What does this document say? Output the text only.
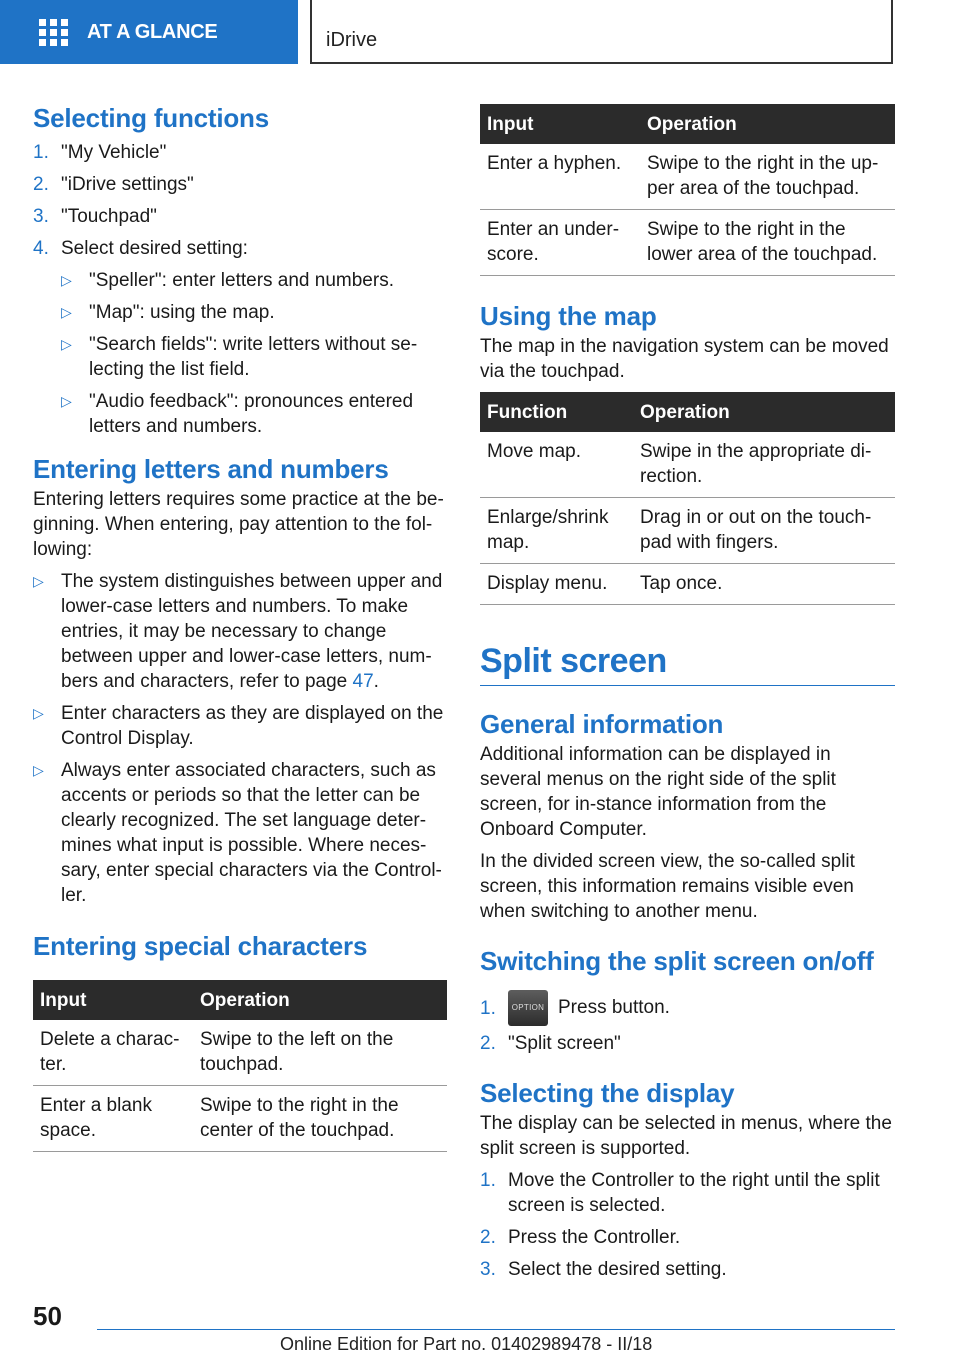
AT A GLANCE	iDrive
Selecting functions
1. "My Vehicle"
2. "iDrive settings"
3. "Touchpad"
4. Select desired setting:
▷ "Speller": enter letters and numbers.
▷ "Map": using the map.
▷ "Search fields": write letters without se‐
lecting the list field.
▷ "Audio feedback": pronounces entered
letters and numbers.
Entering letters and numbers

Entering letters requires some practice at the be‐ginning. When entering, pay attention to the fol‐lowing:

▷ The system distinguishes between upper and lower-case letters and numbers. To make entries, it may be necessary to change between upper and lower-case letters, num‐bers and characters, refer to page 47.
▷ Enter characters as they are displayed on the Control Display.
▷ Always enter associated characters, such as accents or periods so that the letter can be clearly recognized. The set language deter‐mines what input is possible. Where neces‐sary, enter special characters via the Control‐ler.
Entering special characters
Input	Operation
Delete a charac‐ter.	Swipe to the left on the touchpad.
Enter a blank space.	Swipe to the right in the center of the touchpad.
Input	Operation
Enter a hyphen.	Swipe to the right in the up‐per area of the touchpad.
Enter an under‐score.	Swipe to the right in the lower area of the touchpad.
Using the map

The map in the navigation system can be moved via the touchpad.

Function	Operation
Move map.	Swipe in the appropriate di‐rection.
Enlarge/shrink map.	Drag in or out on the touch‐pad with fingers.
Display menu.	Tap once.
Split screen
General information

Additional information can be displayed in several menus on the right side of the split screen, for in‐stance information from the Onboard Computer.

In the divided screen view, the so-called split screen, this information remains visible even when switching to another menu.

Switching the split screen on/off
1.	OPTION Press button.
2. "Split screen"
Selecting the display

The display can be selected in menus, where the split screen is supported.

1. Move the Controller to the right until the split screen is selected.
2. Press the Controller.
3. Select the desired setting.
50
Online Edition for Part no. 01402989478 - II/18
